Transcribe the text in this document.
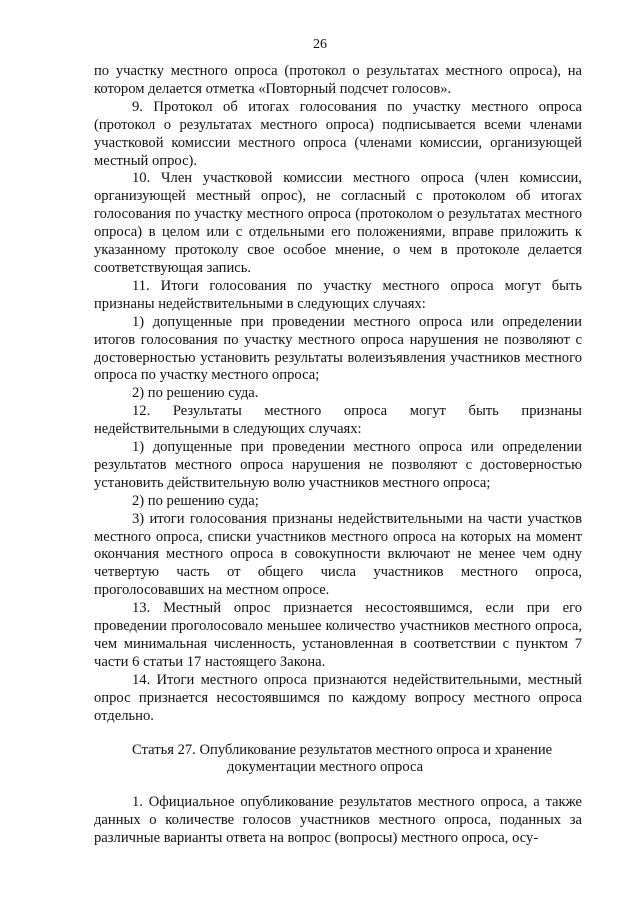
26

по участку местного опроса (протокол о результатах местного опроса), на котором делается отметка «Повторный подсчет голосов».

9. Протокол об итогах голосования по участку местного опроса (протокол о результатах местного опроса) подписывается всеми членами участковой комиссии местного опроса (членами комиссии, организующей местный опрос).

10. Член участковой комиссии местного опроса (член комиссии, организующей местный опрос), не согласный с протоколом об итогах голосования по участку местного опроса (протоколом о результатах местного опроса) в целом или с отдельными его положениями, вправе приложить к указанному протоколу свое особое мнение, о чем в протоколе делается соответствующая запись.

11. Итоги голосования по участку местного опроса могут быть признаны недействительными в следующих случаях:

1) допущенные при проведении местного опроса или определении итогов голосования по участку местного опроса нарушения не позволяют с достоверностью установить результаты волеизъявления участников местного опроса по участку местного опроса;

2) по решению суда.

12. Результаты местного опроса могут быть признаны недействительными в следующих случаях:

1) допущенные при проведении местного опроса или определении результатов местного опроса нарушения не позволяют с достоверностью установить действительную волю участников местного опроса;

2) по решению суда;

3) итоги голосования признаны недействительными на части участков местного опроса, списки участников местного опроса на которых на момент окончания местного опроса в совокупности включают не менее чем одну четвертую часть от общего числа участников местного опроса, проголосовавших на местном опросе.

13. Местный опрос признается несостоявшимся, если при его проведении проголосовало меньшее количество участников местного опроса, чем минимальная численность, установленная в соответствии с пунктом 7 части 6 статьи 17 настоящего Закона.

14. Итоги местного опроса признаются недействительными, местный опрос признается несостоявшимся по каждому вопросу местного опроса отдельно.

Статья 27. Опубликование результатов местного опроса и хранение
документации местного опроса

1. Официальное опубликование результатов местного опроса, а также данных о количестве голосов участников местного опроса, поданных за различные варианты ответа на вопрос (вопросы) местного опроса, осу-
